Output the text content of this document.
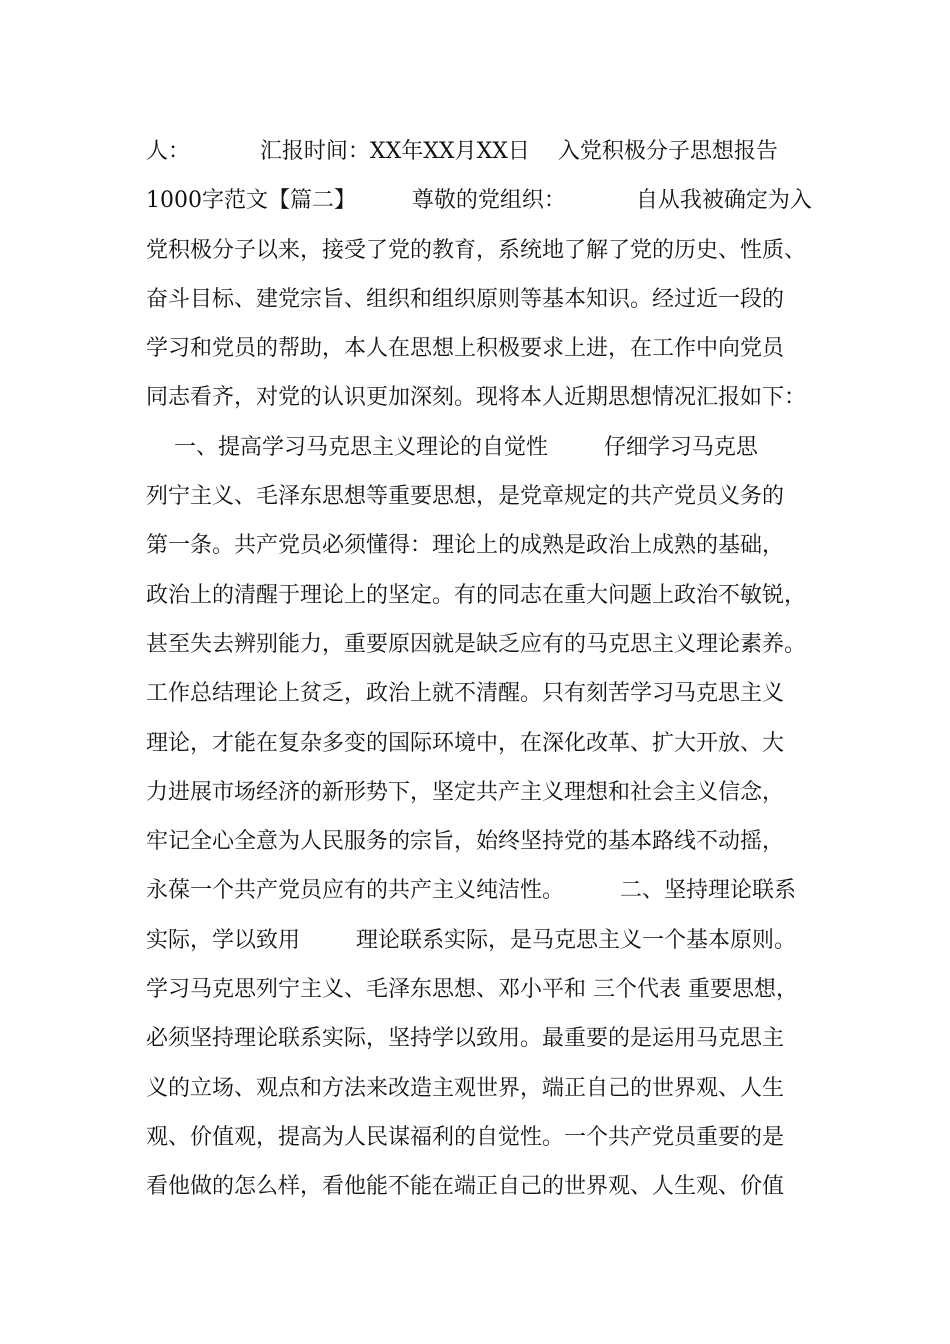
人：          汇报时间：XX年XX月XX日    入党积极分子思想报告
1000字范文【篇二】        尊敬的党组织：          自从我被确定为入
党积极分子以来，接受了党的教育，系统地了解了党的历史、性质、
奋斗目标、建党宗旨、组织和组织原则等基本知识。经过近一段的
学习和党员的帮助，本人在思想上积极要求上进，在工作中向党员
同志看齐，对党的认识更加深刻。现将本人近期思想情况汇报如下：
一、提高学习马克思主义理论的自觉性        仔细学习马克思
列宁主义、毛泽东思想等重要思想，是党章规定的共产党员义务的
第一条。共产党员必须懂得：理论上的成熟是政治上成熟的基础，
政治上的清醒于理论上的坚定。有的同志在重大问题上政治不敏锐，
甚至失去辨别能力，重要原因就是缺乏应有的马克思主义理论素养。
工作总结理论上贫乏，政治上就不清醒。只有刻苦学习马克思主义
理论，才能在复杂多变的国际环境中，在深化改革、扩大开放、大
力进展市场经济的新形势下，坚定共产主义理想和社会主义信念，
牢记全心全意为人民服务的宗旨，始终坚持党的基本路线不动摇，
永葆一个共产党员应有的共产主义纯洁性。        二、坚持理论联系
实际，学以致用        理论联系实际，是马克思主义一个基本原则。
学习马克思列宁主义、毛泽东思想、邓小平和 三个代表 重要思想，
必须坚持理论联系实际，坚持学以致用。最重要的是运用马克思主
义的立场、观点和方法来改造主观世界，端正自己的世界观、人生
观、价值观，提高为人民谋福利的自觉性。一个共产党员重要的是
看他做的怎么样，看他能不能在端正自己的世界观、人生观、价值
